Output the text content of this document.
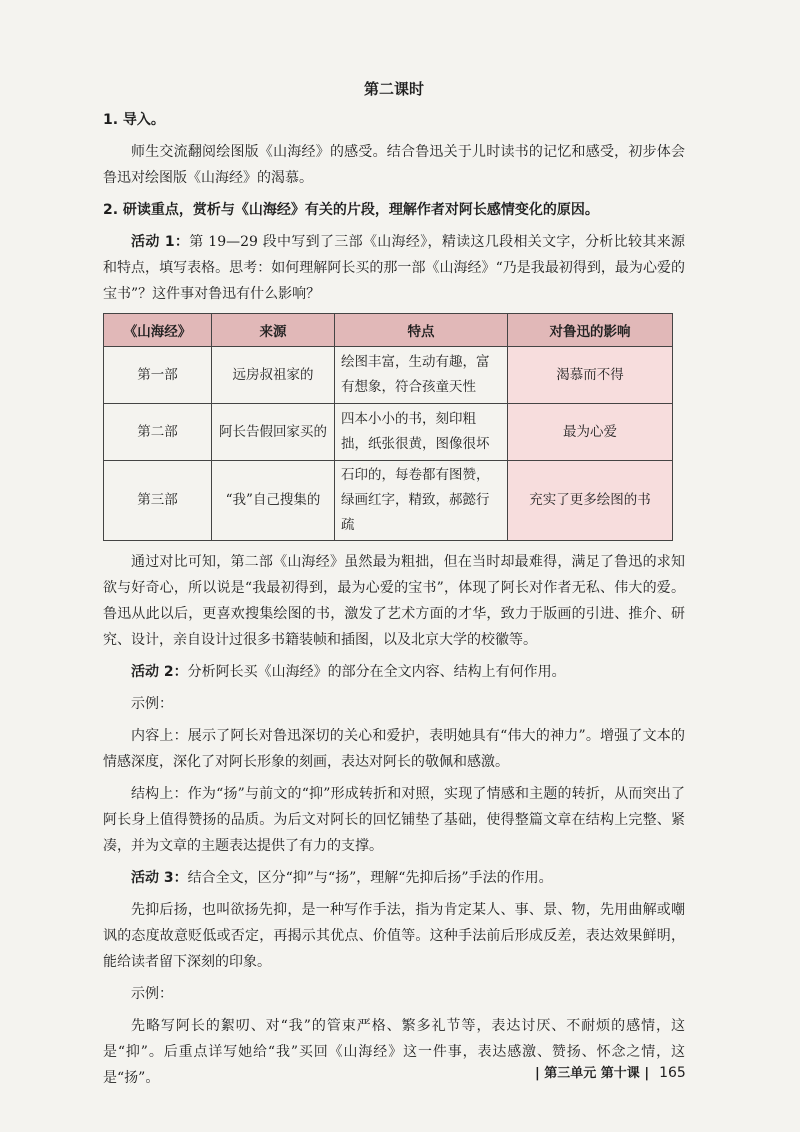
第二课时
1. 导入。

师生交流翻阅绘图版《山海经》的感受。结合鲁迅关于儿时读书的记忆和感受，初步体会鲁迅对绘图版《山海经》的渴慕。

2. 研读重点，赏析与《山海经》有关的片段，理解作者对阿长感情变化的原因。

活动 1：第 19—29 段中写到了三部《山海经》，精读这几段相关文字，分析比较其来源和特点，填写表格。思考：如何理解阿长买的那一部《山海经》“乃是我最初得到，最为心爱的宝书”？这件事对鲁迅有什么影响？

《山海经》	来源	特点	对鲁迅的影响
第一部	远房叔祖家的	绘图丰富，生动有趣，富有想象，符合孩童天性	渴慕而不得
第二部	阿长告假回家买的	四本小小的书，刻印粗拙，纸张很黄，图像很坏	最为心爱
第三部	“我”自己搜集的	石印的，每卷都有图赞，绿画红字，精致，郝懿行疏	充实了更多绘图的书

通过对比可知，第二部《山海经》虽然最为粗拙，但在当时却最难得，满足了鲁迅的求知欲与好奇心，所以说是“我最初得到，最为心爱的宝书”，体现了阿长对作者无私、伟大的爱。鲁迅从此以后，更喜欢搜集绘图的书，激发了艺术方面的才华，致力于版画的引进、推介、研究、设计，亲自设计过很多书籍装帧和插图，以及北京大学的校徽等。

活动 2：分析阿长买《山海经》的部分在全文内容、结构上有何作用。

示例：

内容上：展示了阿长对鲁迅深切的关心和爱护，表明她具有“伟大的神力”。增强了文本的情感深度，深化了对阿长形象的刻画，表达对阿长的敬佩和感激。

结构上：作为“扬”与前文的“抑”形成转折和对照，实现了情感和主题的转折，从而突出了阿长身上值得赞扬的品质。为后文对阿长的回忆铺垫了基础，使得整篇文章在结构上完整、紧凑，并为文章的主题表达提供了有力的支撑。

活动 3：结合全文，区分“抑”与“扬”，理解“先抑后扬”手法的作用。

先抑后扬，也叫欲扬先抑，是一种写作手法，指为肯定某人、事、景、物，先用曲解或嘲讽的态度故意贬低或否定，再揭示其优点、价值等。这种手法前后形成反差，表达效果鲜明，能给读者留下深刻的印象。

示例：

先略写阿长的絮叨、对“我”的管束严格、繁多礼节等，表达讨厌、不耐烦的感情，这是“抑”。后重点详写她给“我”买回《山海经》这一件事，表达感激、赞扬、怀念之情，这是“扬”。	| 第三单元 第十课 | 165
